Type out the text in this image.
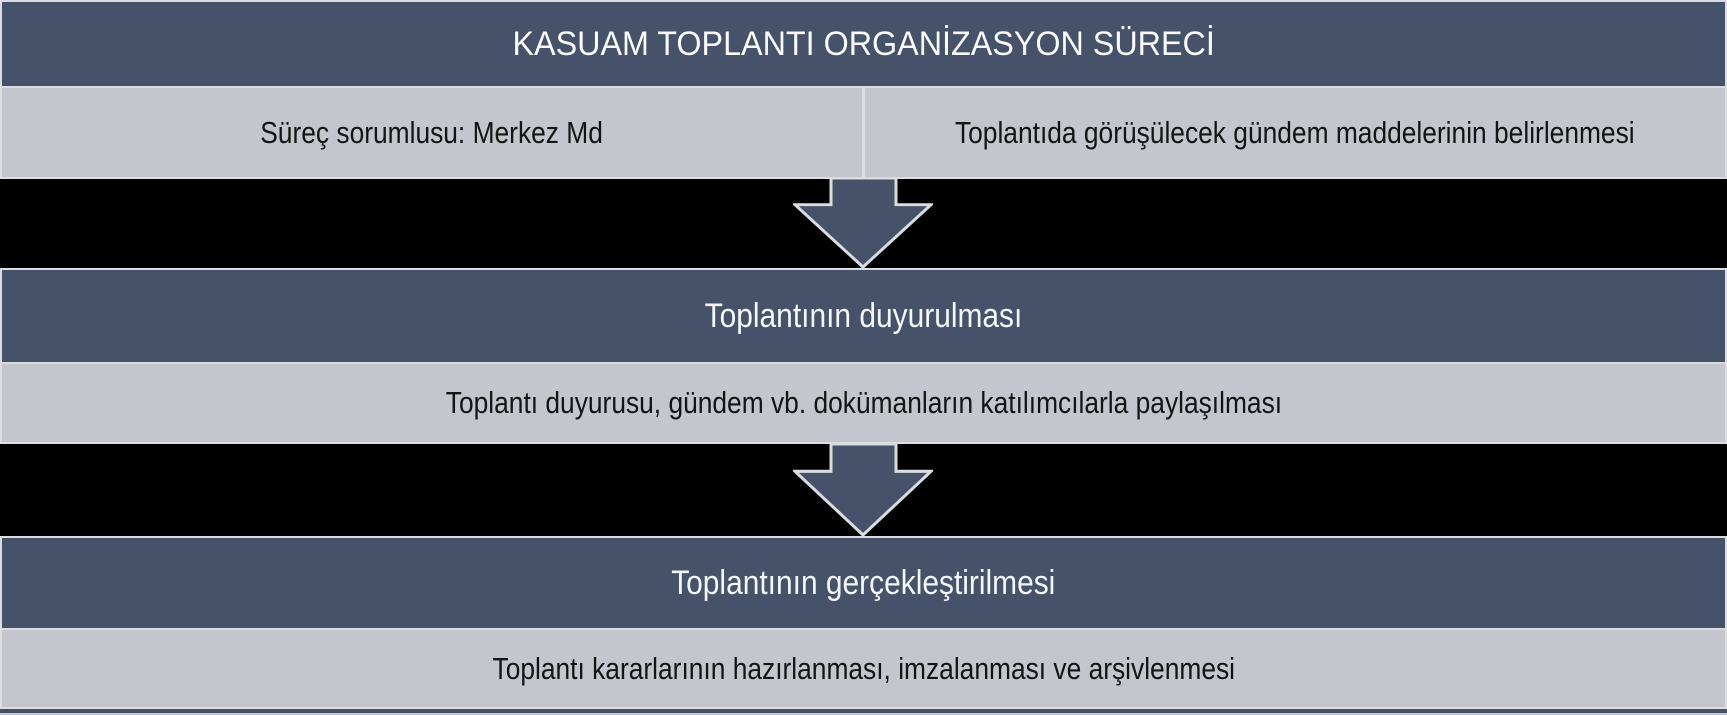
KASUAM TOPLANTI ORGANİZASYON SÜRECİ
Süreç sorumlusu: Merkez Md	Toplantıda görüşülecek gündem maddelerinin belirlenmesi
Toplantının duyurulması
Toplantı duyurusu, gündem vb. dokümanların katılımcılarla paylaşılması
Toplantının gerçekleştirilmesi
Toplantı kararlarının hazırlanması, imzalanması ve arşivlenmesi
